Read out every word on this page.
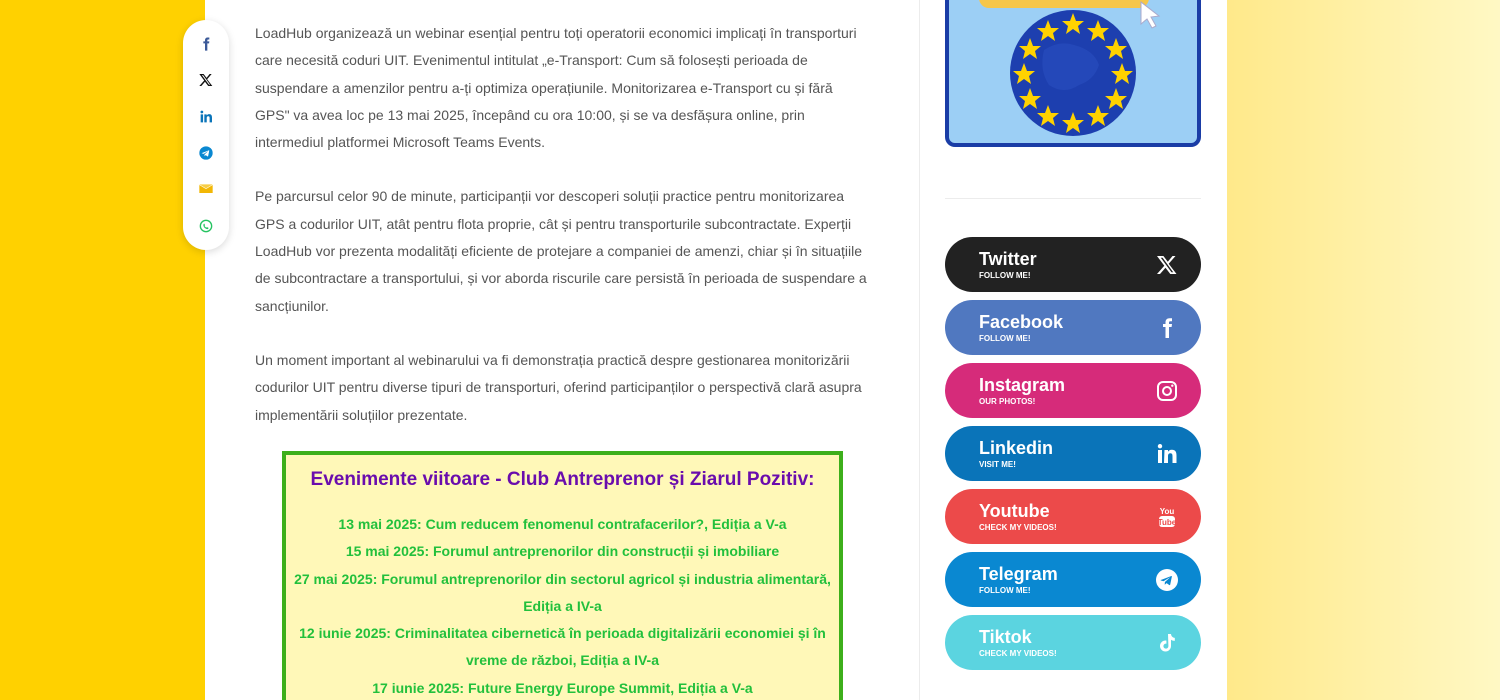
LoadHub organizează un webinar esențial pentru toți operatorii economici implicați în transporturi care necesită coduri UIT. Evenimentul intitulat „e-Transport: Cum să folosești perioada de suspendare a amenzilor pentru a-ți optimiza operațiunile. Monitorizarea e-Transport cu și fără GPS" va avea loc pe 13 mai 2025, începând cu ora 10:00, și se va desfășura online, prin intermediul platformei Microsoft Teams Events.

Pe parcursul celor 90 de minute, participanții vor descoperi soluții practice pentru monitorizarea GPS a codurilor UIT, atât pentru flota proprie, cât și pentru transporturile subcontractate. Experții LoadHub vor prezenta modalități eficiente de protejare a companiei de amenzi, chiar și în situațiile de subcontractare a transportului, și vor aborda riscurile care persistă în perioada de suspendare a sancțiunilor.

Un moment important al webinarului va fi demonstrația practică despre gestionarea monitorizării codurilor UIT pentru diverse tipuri de transporturi, oferind participanților o perspectivă clară asupra implementării soluțiilor prezentate.

Evenimente viitoare - Club Antreprenor și Ziarul Pozitiv:
13 mai 2025: Cum reducem fenomenul contrafacerilor?, Ediția a V-a
15 mai 2025: Forumul antreprenorilor din construcții și imobiliare
27 mai 2025: Forumul antreprenorilor din sectorul agricol și industria alimentară, Ediția a IV-a
12 iunie 2025: Criminalitatea cibernetică în perioada digitalizării economiei și în vreme de război, Ediția a IV-a
17 iunie 2025: Future Energy Europe Summit, Ediția a V-a
Twitter
FOLLOW ME!
Facebook
FOLLOW ME!
Instagram
OUR PHOTOS!
Linkedin
VISIT ME!
Youtube
CHECK MY VIDEOS!
You
Tube
Telegram
FOLLOW ME!
Tiktok
CHECK MY VIDEOS!
